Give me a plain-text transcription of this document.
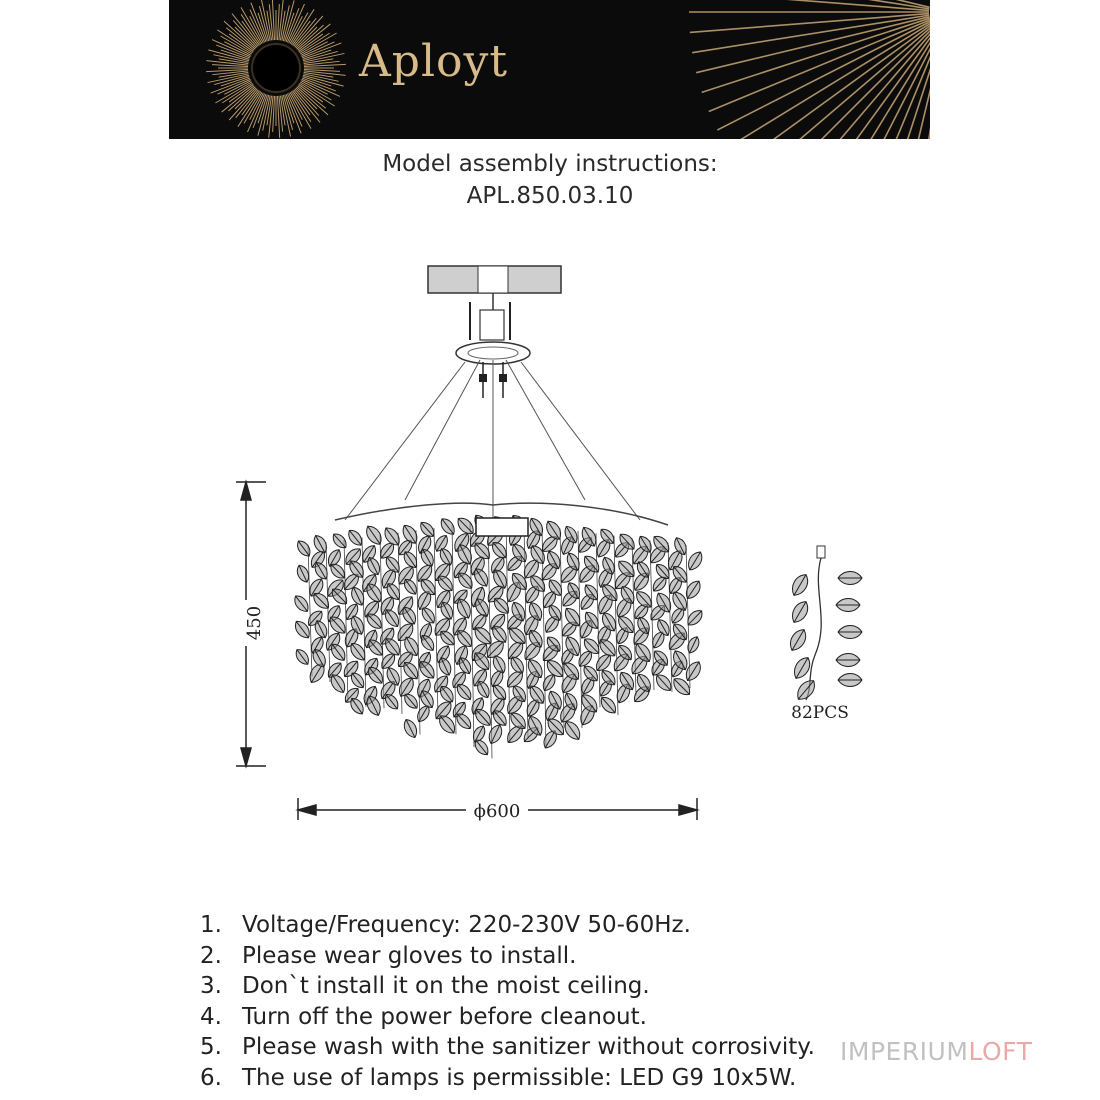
Aployt
Model assembly instructions:
APL.850.03.10
450
ϕ600
82PCS
1. Voltage/Frequency: 220-230V 50-60Hz.
2. Please wear gloves to install.
3. Don`t install it on the moist ceiling.
4. Turn off the power before cleanout.
5. Please wash with the sanitizer without corrosivity.
6. The use of lamps is permissible: LED G9 10x5W.
IMPERIUMLOFT
